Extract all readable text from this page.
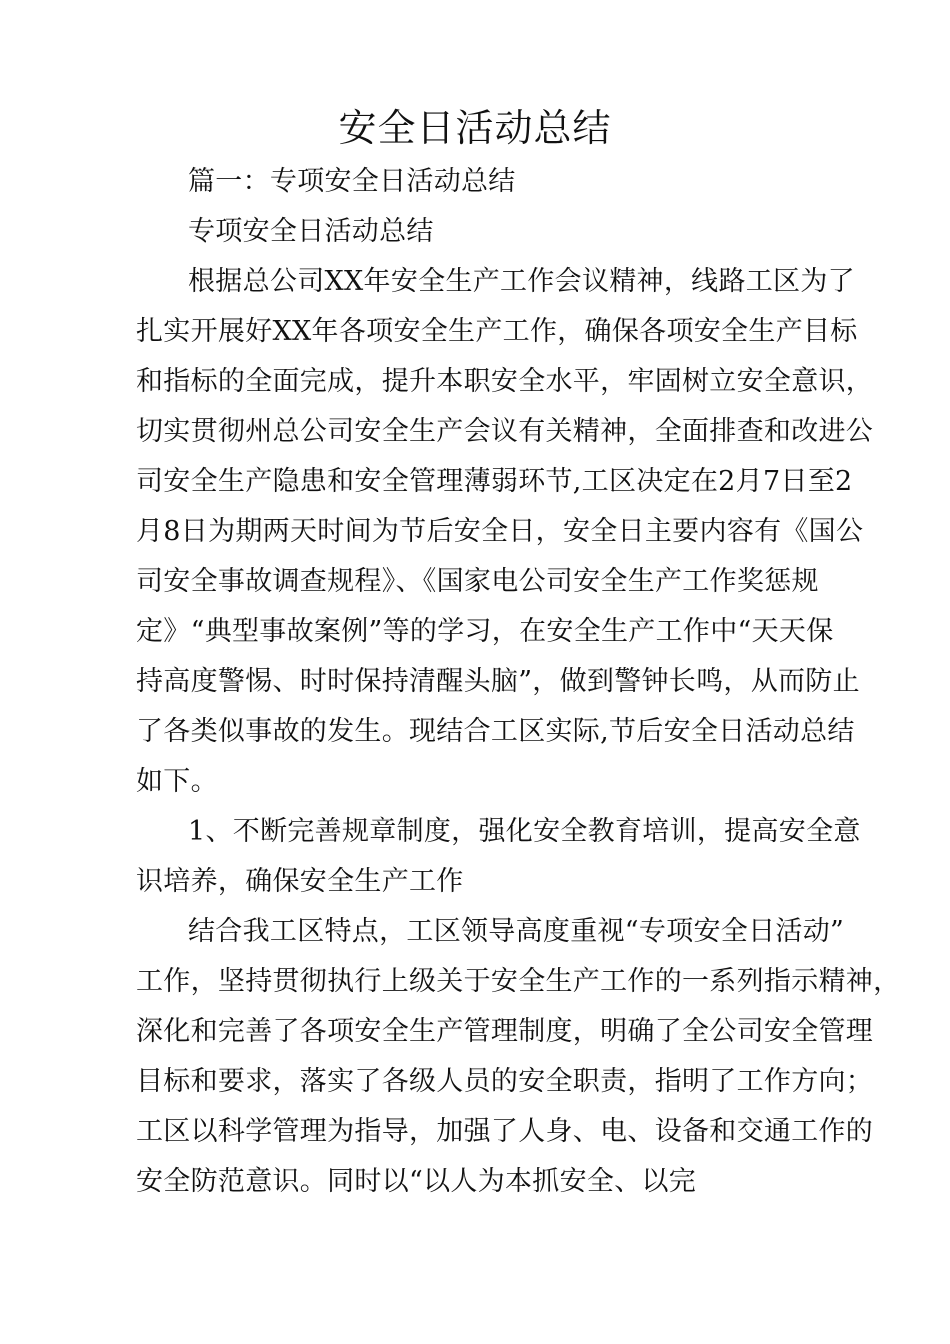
安全日活动总结
篇一：专项安全日活动总结
专项安全日活动总结
根据总公司XX年安全生产工作会议精神，线路工区为了
扎实开展好XX年各项安全生产工作，确保各项安全生产目标
和指标的全面完成，提升本职安全水平，牢固树立安全意识，
切实贯彻州总公司安全生产会议有关精神，全面排查和改进公
司安全生产隐患和安全管理薄弱环节,工区决定在2月7日至2
月8日为期两天时间为节后安全日，安全日主要内容有《国公
司安全事故调查规程》、《国家电公司安全生产工作奖惩规
定》“典型事故案例”等的学习，在安全生产工作中“天天保
持高度警惕、时时保持清醒头脑”，做到警钟长鸣，从而防止
了各类似事故的发生。现结合工区实际,节后安全日活动总结
如下。
1、不断完善规章制度，强化安全教育培训，提高安全意
识培养，确保安全生产工作
结合我工区特点，工区领导高度重视“专项安全日活动”
工作，坚持贯彻执行上级关于安全生产工作的一系列指示精神，
深化和完善了各项安全生产管理制度，明确了全公司安全管理
目标和要求，落实了各级人员的安全职责，指明了工作方向；
工区以科学管理为指导，加强了人身、电、设备和交通工作的
安全防范意识。同时以“以人为本抓安全、以完
